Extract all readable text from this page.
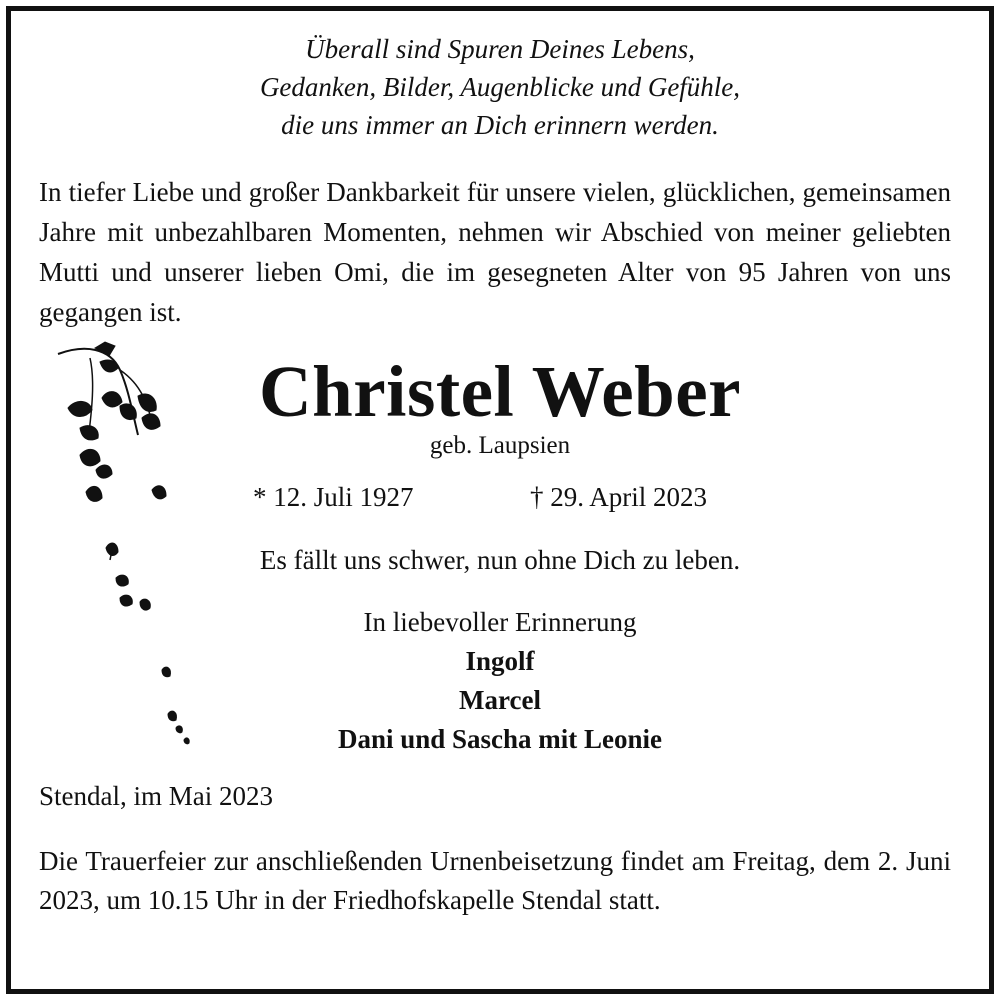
Überall sind Spuren Deines Lebens,
Gedanken, Bilder, Augenblicke und Gefühle,
die uns immer an Dich erinnern werden.
In tiefer Liebe und großer Dankbarkeit für unsere vielen, glücklichen, gemeinsamen Jahre mit unbezahlbaren Momenten, nehmen wir Abschied von meiner geliebten Mutti und unserer lieben Omi, die im gesegneten Alter von 95 Jahren von uns gegangen ist.
Christel Weber
geb. Laupsien
* 12. Juli 1927	† 29. April 2023
Es fällt uns schwer, nun ohne Dich zu leben.
In liebevoller Erinnerung
Ingolf
Marcel
Dani und Sascha mit Leonie
Stendal, im Mai 2023
Die Trauerfeier zur anschließenden Urnenbeisetzung findet am Freitag, dem 2. Juni 2023, um 10.15 Uhr in der Friedhofskapelle Stendal statt.
